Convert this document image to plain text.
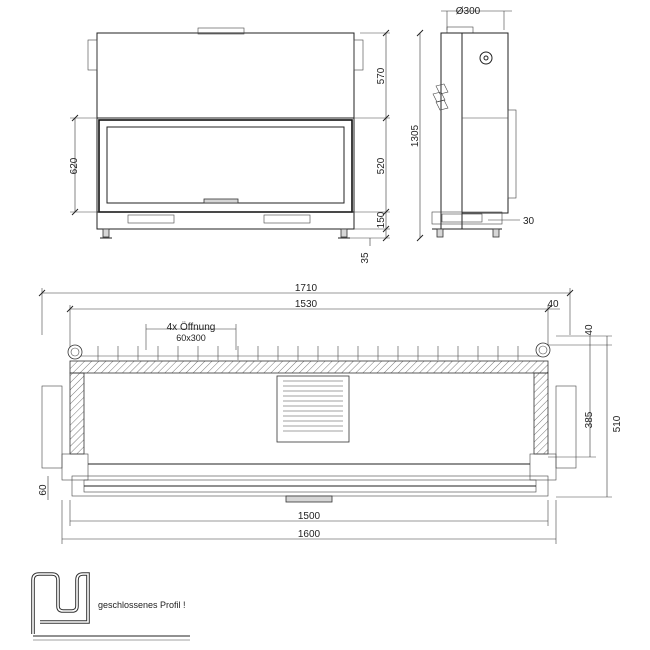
620
570
520
150
35
1305
Ø300
30
1710
1530	40
4x Öffnung
60x300
40
385 510
60
1500
1600
geschlossenes Profil !
